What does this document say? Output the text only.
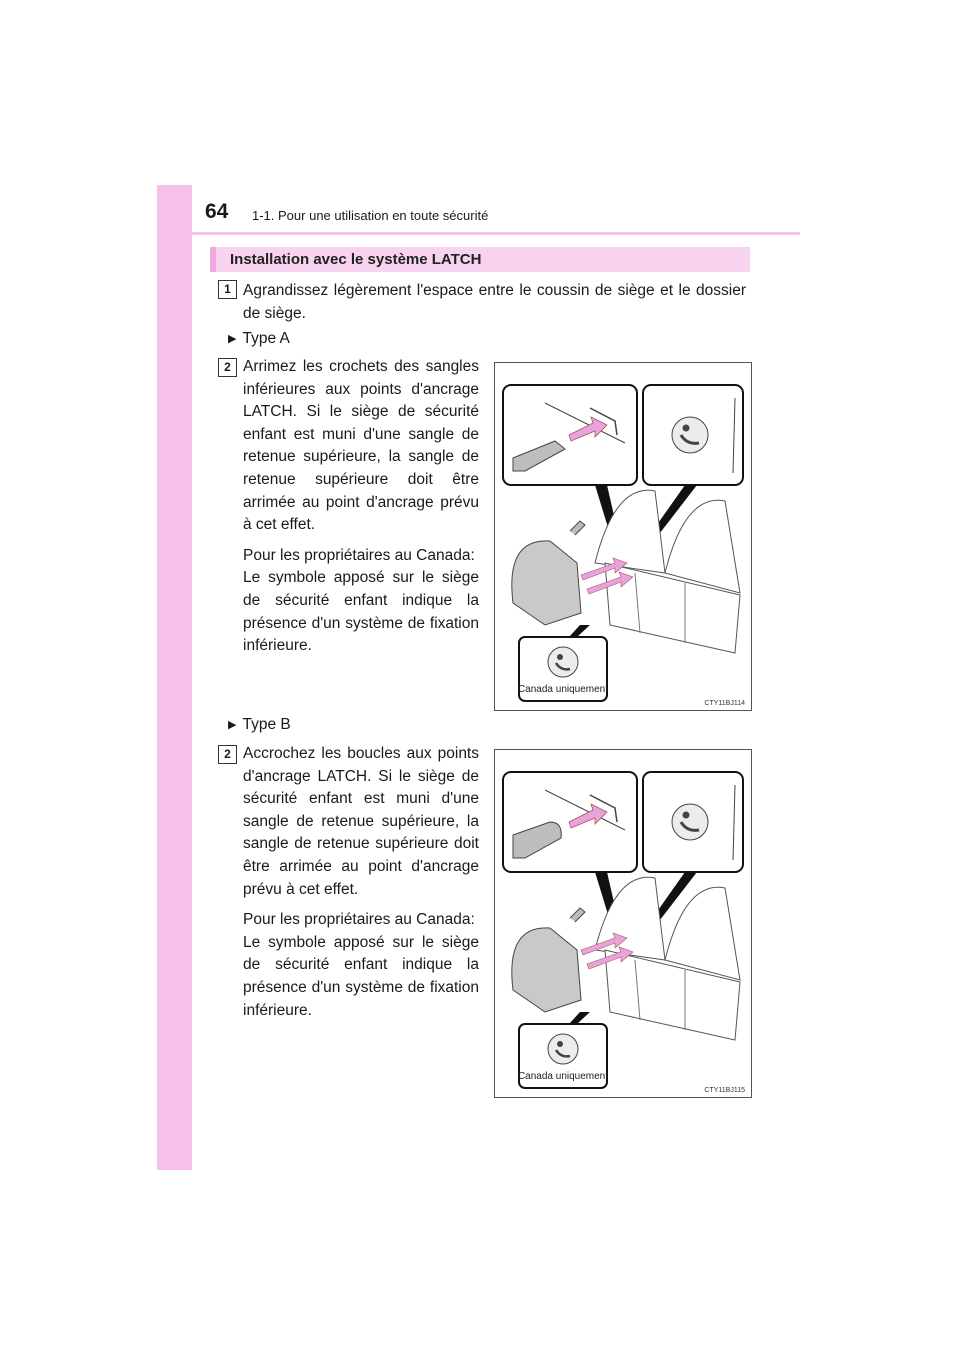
64 1-1. Pour une utilisation en toute sécurité
Installation avec le système LATCH
1 Agrandissez légèrement l'espace entre le coussin de siège et le dossier de siège.

▶ Type A
2 Arrimez les crochets des sangles inférieures aux points d'ancrage LATCH. Si le siège de sécurité enfant est muni d'une sangle de retenue supérieure, la sangle de retenue supérieure doit être arrimée au point d'ancrage prévu à cet effet.

Pour les propriétaires au Canada:

Le symbole apposé sur le siège de sécurité enfant indique la présence d'un système de fixation inférieure.

Canada uniquement
CTY11BJ114
▶ Type B
2 Accrochez les boucles aux points d'ancrage LATCH. Si le siège de sécurité enfant est muni d'une sangle de retenue supérieure, la sangle de retenue supérieure doit être arrimée au point d'ancrage prévu à cet effet.

Pour les propriétaires au Canada:

Le symbole apposé sur le siège de sécurité enfant indique la présence d'un système de fixation inférieure.

Canada uniquement
CTY11BJ115
